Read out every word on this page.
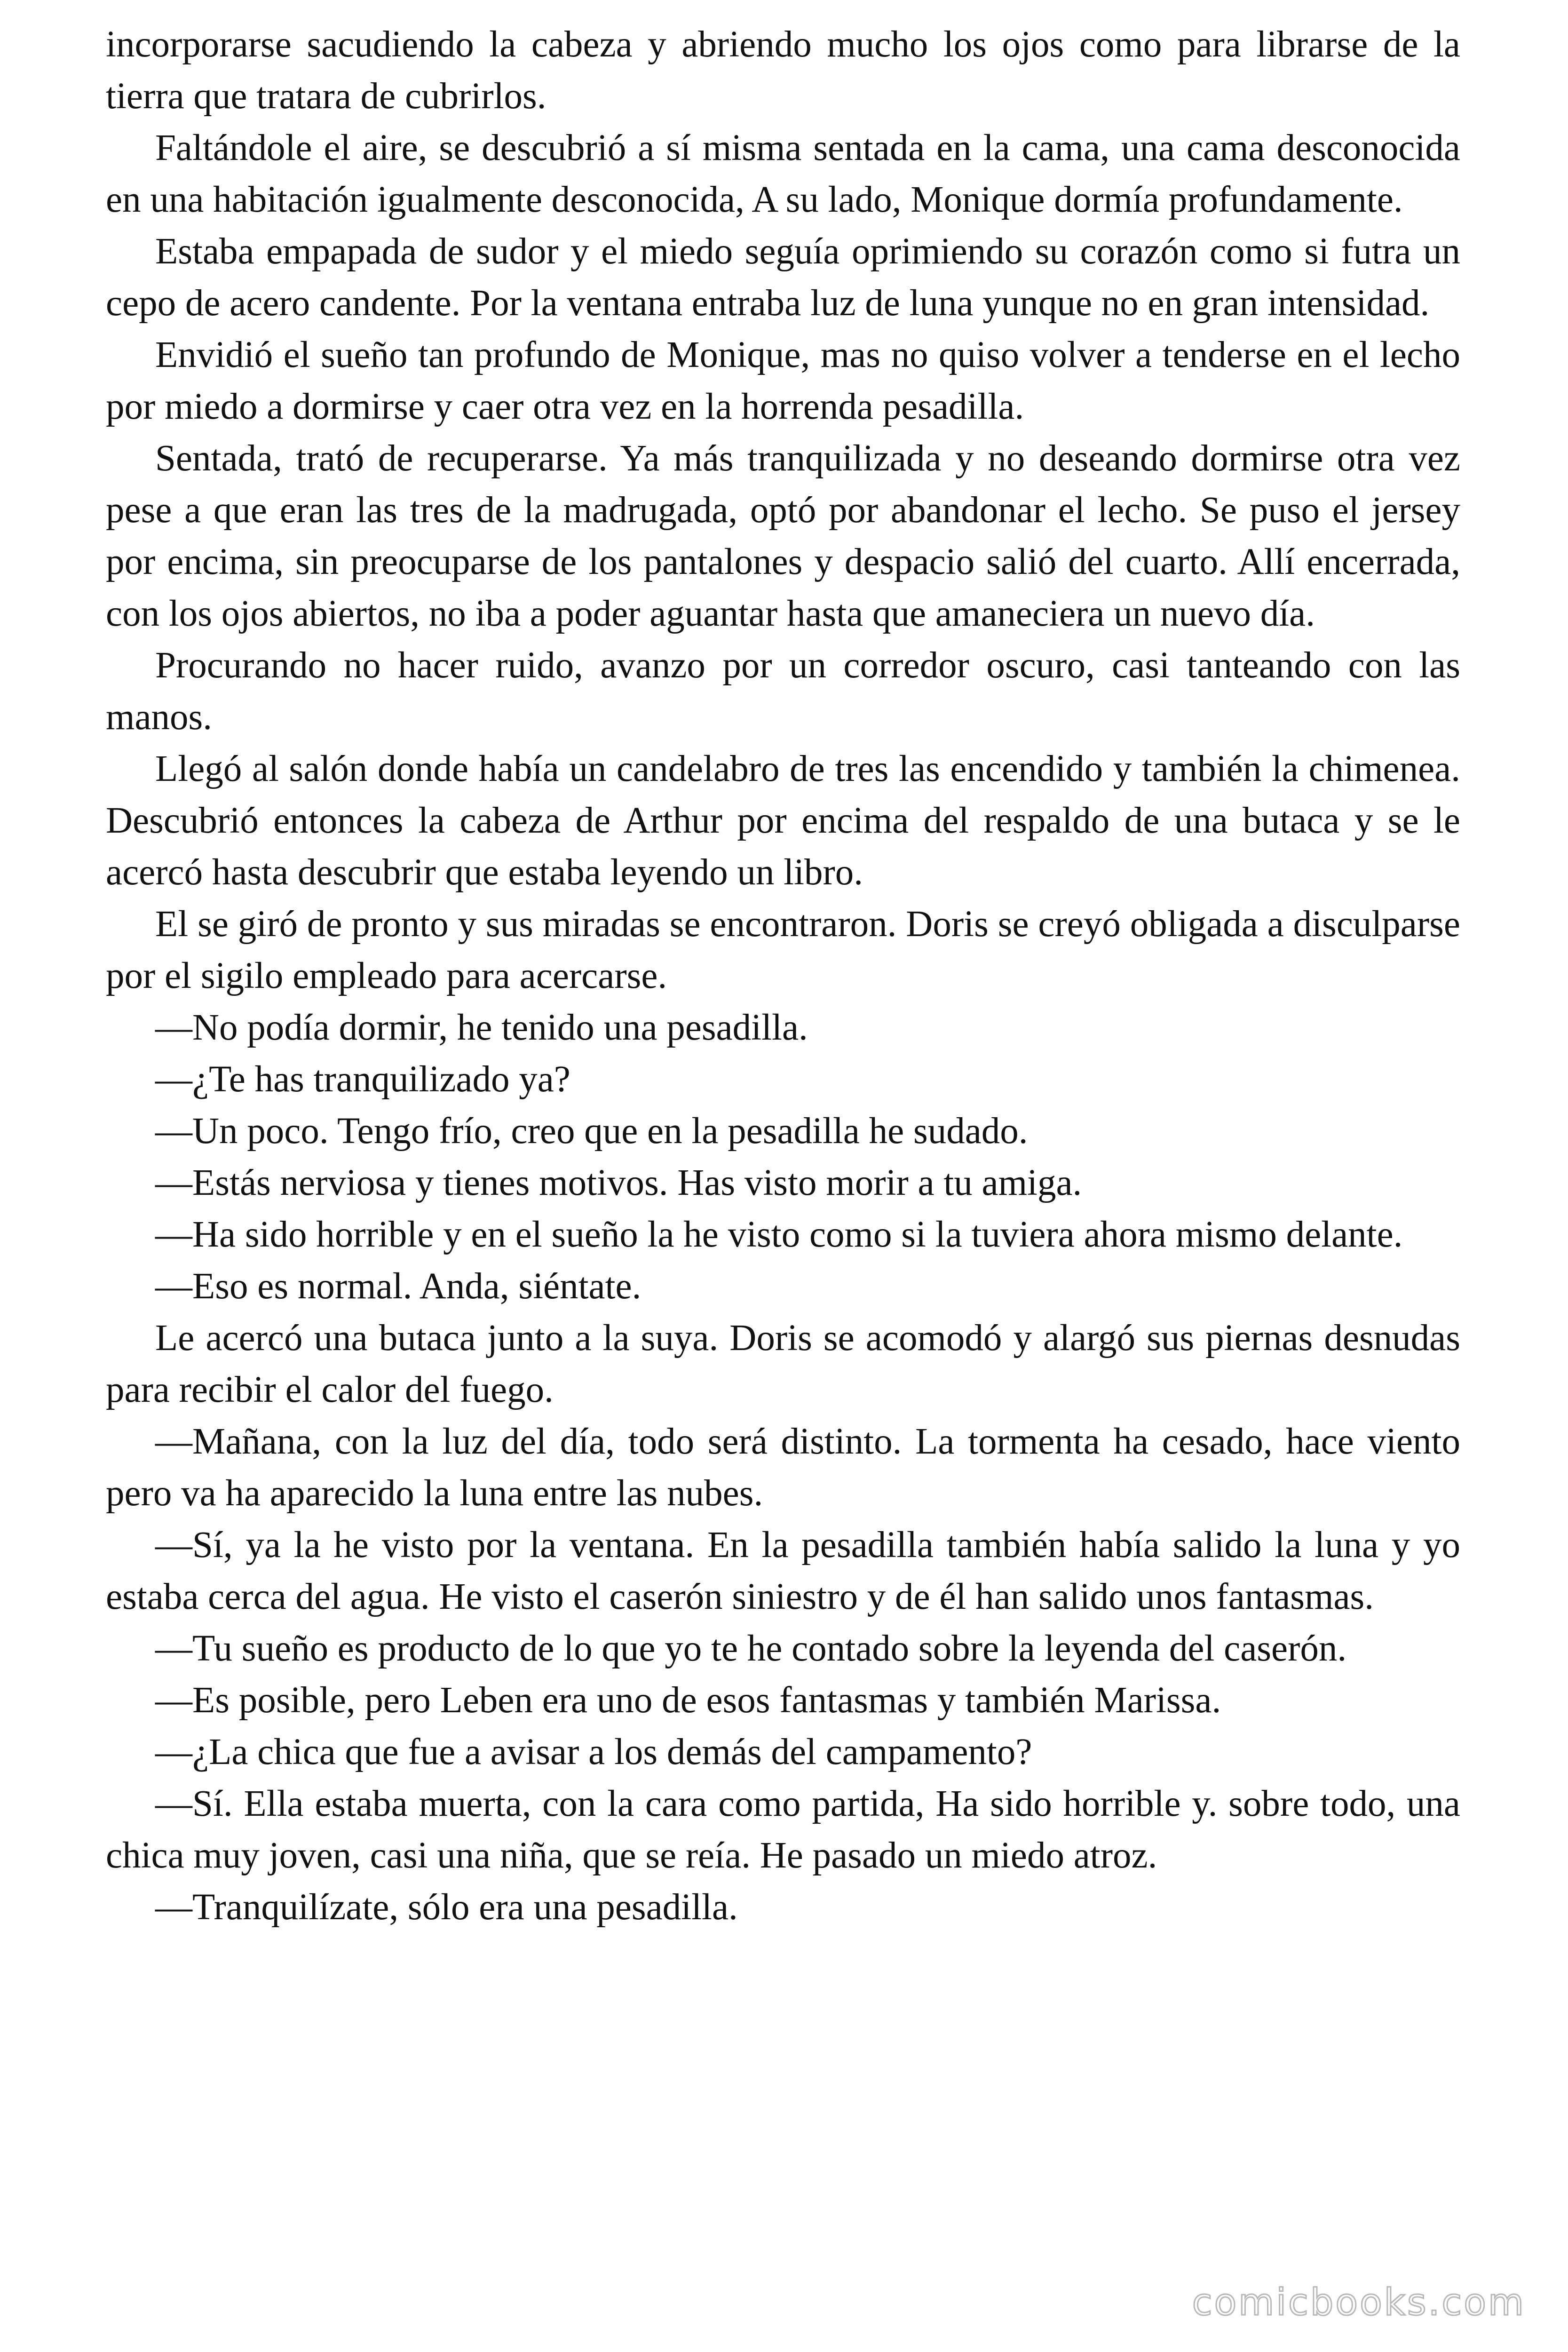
incorporarse sacudiendo la cabeza y abriendo mucho los ojos como para librarse de la tierra que tratara de cubrirlos.

Faltándole el aire, se descubrió a sí misma sentada en la cama, una cama desconocida en una habitación igualmente desconocida, A su lado, Monique dormía profundamente.

Estaba empapada de sudor y el miedo seguía oprimiendo su corazón como si futra un cepo de acero candente. Por la ventana entraba luz de luna yunque no en gran intensidad.

Envidió el sueño tan profundo de Monique, mas no quiso volver a tenderse en el lecho por miedo a dormirse y caer otra vez en la horrenda pesadilla.

Sentada, trató de recuperarse. Ya más tranquilizada y no deseando dormirse otra vez pese a que eran las tres de la madrugada, optó por abandonar el lecho. Se puso el jersey por encima, sin preocuparse de los pantalones y despacio salió del cuarto. Allí encerrada, con los ojos abiertos, no iba a poder aguantar hasta que amaneciera un nuevo día.

Procurando no hacer ruido, avanzo por un corredor oscuro, casi tanteando con las manos.

Llegó al salón donde había un candelabro de tres las encendido y también la chimenea. Descubrió entonces la cabeza de Arthur por encima del respaldo de una butaca y se le acercó hasta descubrir que estaba leyendo un libro.

El se giró de pronto y sus miradas se encontraron. Doris se creyó obligada a disculparse por el sigilo empleado para acercarse.

—No podía dormir, he tenido una pesadilla.

—¿Te has tranquilizado ya?

—Un poco. Tengo frío, creo que en la pesadilla he sudado.

—Estás nerviosa y tienes motivos. Has visto morir a tu amiga.

—Ha sido horrible y en el sueño la he visto como si la tuviera ahora mismo delante.

—Eso es normal. Anda, siéntate.

Le acercó una butaca junto a la suya. Doris se acomodó y alargó sus piernas desnudas para recibir el calor del fuego.

—Mañana, con la luz del día, todo será distinto. La tormenta ha cesado, hace viento pero va ha aparecido la luna entre las nubes.

—Sí, ya la he visto por la ventana. En la pesadilla también había salido la luna y yo estaba cerca del agua. He visto el caserón siniestro y de él han salido unos fantasmas.

—Tu sueño es producto de lo que yo te he contado sobre la leyenda del caserón.

—Es posible, pero Leben era uno de esos fantasmas y también Marissa.

—¿La chica que fue a avisar a los demás del campamento?

—Sí. Ella estaba muerta, con la cara como partida, Ha sido horrible y. sobre todo, una chica muy joven, casi una niña, que se reía. He pasado un miedo atroz.

—Tranquilízate, sólo era una pesadilla.

comicbooks.com
